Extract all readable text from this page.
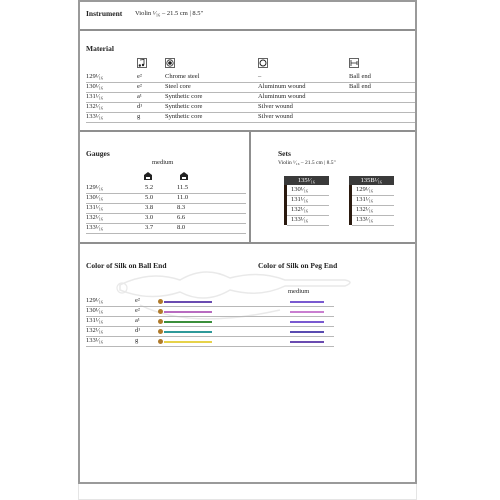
Instrument Violin ¹⁄₁₆ – 21.5 cm | 8.5"
Material
129¹⁄₁₆	e²	Chrome steel	–	Ball end
130¹⁄₁₆	e²	Steel core	Aluminum wound	Ball end
131¹⁄₁₆	a¹	Synthetic core	Aluminum wound
132¹⁄₁₆	d¹	Synthetic core	Silver wound
133¹⁄₁₆	g	Synthetic core	Silver wound
Gauges
medium
129¹⁄₁₆	5.2	11.5
130¹⁄₁₆	5.0	11.0
131¹⁄₁₆	3.8	8.3
132¹⁄₁₆	3.0	6.6
133¹⁄₁₆	3.7	8.0
Sets
Violin ¹⁄₁₆ – 21.5 cm | 8.5"
135¹⁄₁₆
130¹⁄₁₆
131¹⁄₁₆
132¹⁄₁₆
133¹⁄₁₆
135B¹⁄₁₆
129¹⁄₁₆
131¹⁄₁₆
132¹⁄₁₆
133¹⁄₁₆
Color of Silk on Ball End	Color of Silk on Peg End
medium
129¹⁄₁₆	e²
130¹⁄₁₆	e²
131¹⁄₁₆	a¹
132¹⁄₁₆	d¹
133¹⁄₁₆	g
